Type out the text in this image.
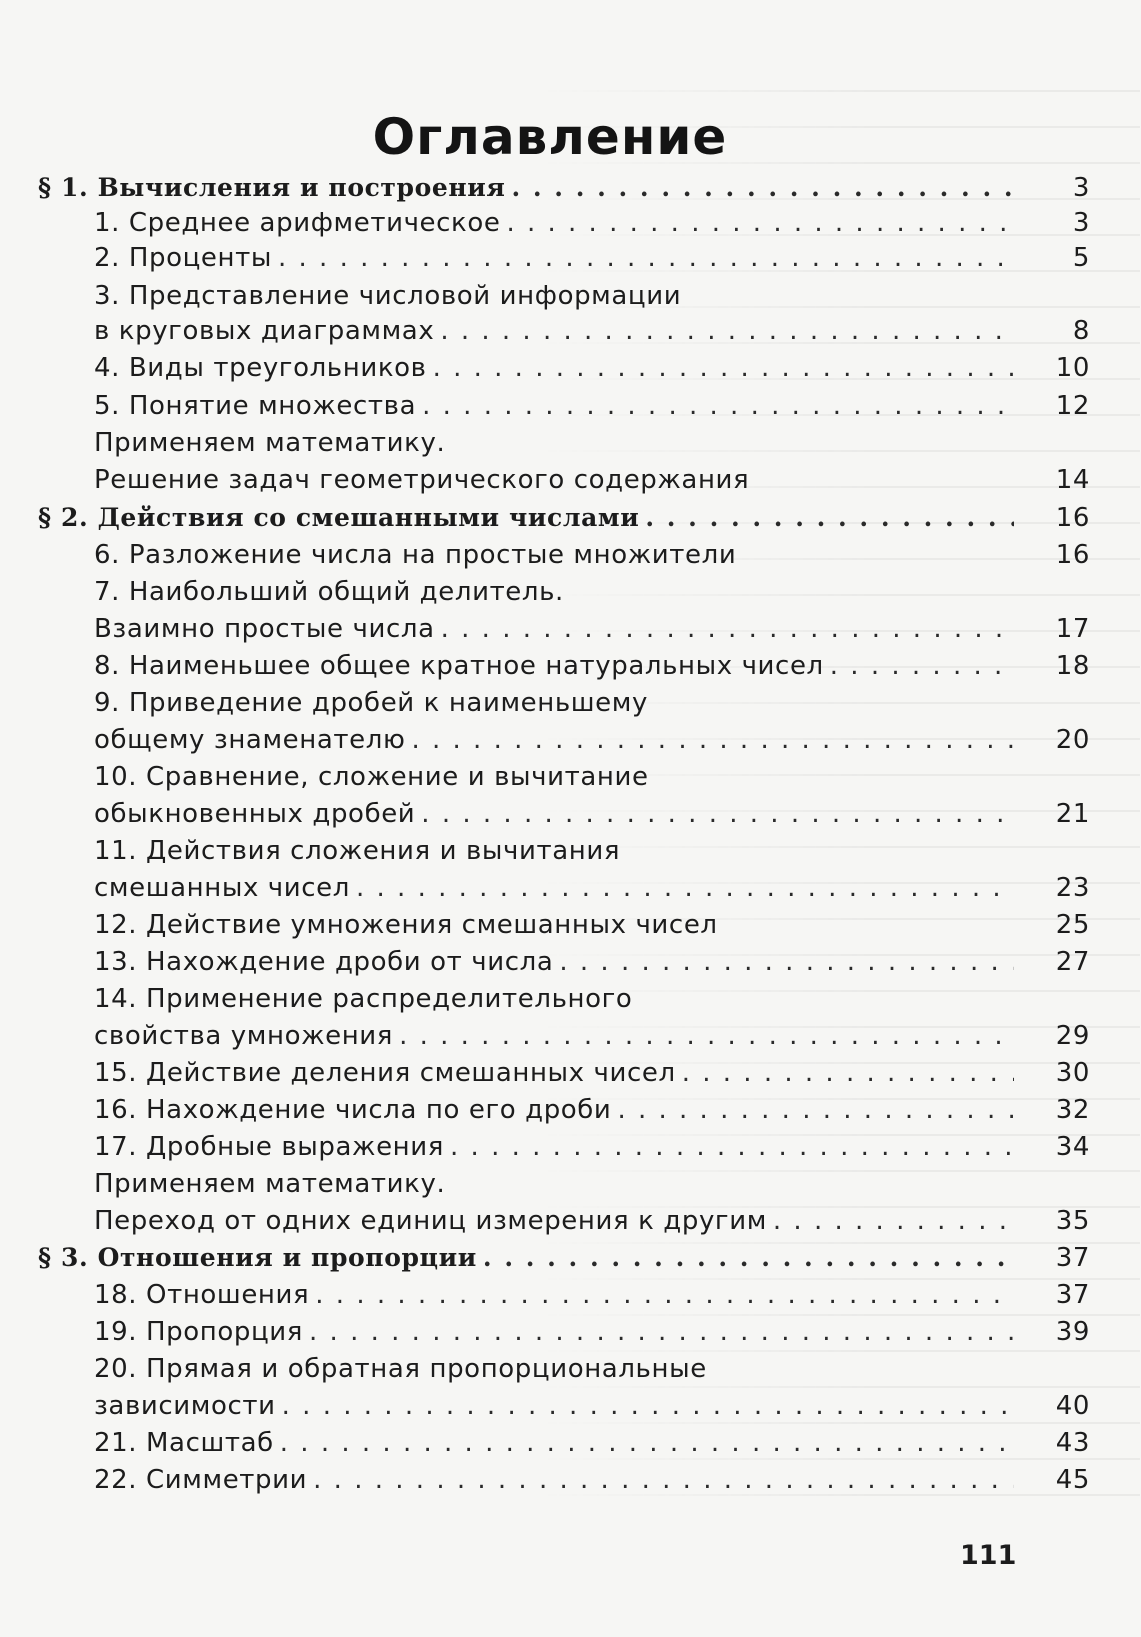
Оглавление
§ 1. Вычисления и построения . . .	3
1. Среднее арифметическое . . .	3
2. Проценты . . .	5
3. Представление числовой информации
в круговых диаграммах . . .	8
4. Виды треугольников . . .	10
5. Понятие множества . . .	12
Применяем математику.
Решение задач геометрического содержания	14
§ 2. Действия со смешанными числами . . .	16
6. Разложение числа на простые множители	16
7. Наибольший общий делитель.
Взаимно простые числа . . .	17
8. Наименьшее общее кратное натуральных чисел . . .	18
9. Приведение дробей к наименьшему
общему знаменателю . . .	20
10. Сравнение, сложение и вычитание
обыкновенных дробей . . .	21
11. Действия сложения и вычитания
смешанных чисел . . .	23
12. Действие умножения смешанных чисел	25
13. Нахождение дроби от числа . . .	27
14. Применение распределительного
свойства умножения . . .	29
15. Действие деления смешанных чисел . . .	30
16. Нахождение числа по его дроби . . .	32
17. Дробные выражения . . .	34
Применяем математику.
Переход от одних единиц измерения к другим . . .	35
§ 3. Отношения и пропорции . . .	37
18. Отношения . . .	37
19. Пропорция . . .	39
20. Прямая и обратная пропорциональные
зависимости . . .	40
21. Масштаб . . .	43
22. Симметрии . . .	45
111
